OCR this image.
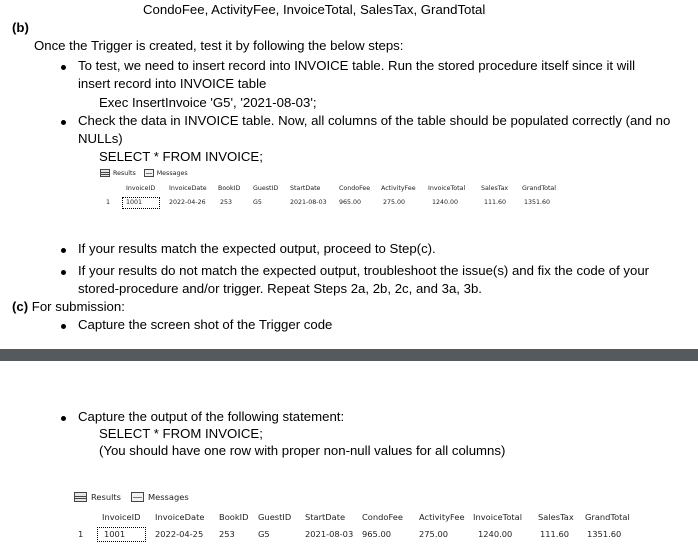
CondoFee, ActivityFee, InvoiceTotal, SalesTax, GrandTotal
(b)
Once the Trigger is created, test it by following the below steps:
To test, we need to insert record into INVOICE table. Run the stored procedure itself since it will
insert record into INVOICE table
Exec InsertInvoice 'G5', '2021-08-03';
Check the data in INVOICE table. Now, all columns of the table should be populated correctly (and no
NULLs)
SELECT * FROM INVOICE;
Results	Messages
InvoiceID InvoiceDate BookID GuestID StartDate	CondoFee ActivityFee InvoiceTotal	SalesTax GrandTotal
1	1001	2022-04-26 253	G5	2021-08-03 965.00	275.00	1240.00	111.60	1351.60
If your results match the expected output, proceed to Step(c).
If your results do not match the expected output, troubleshoot the issue(s) and fix the code of your
stored-procedure and/or trigger. Repeat Steps 2a, 2b, 2c, and 3a, 3b.
(c) For submission:
Capture the screen shot of the Trigger code
Capture the output of the following statement:
SELECT * FROM INVOICE;
(You should have one row with proper non-null values for all columns)
Results	Messages
InvoiceID InvoiceDate BookID GuestID StartDate CondoFee ActivityFee InvoiceTotal SalesTax GrandTotal
1 1001	2022-04-25 253	G5	2021-08-03 965.00	275.00	1240.00	111.60 1351.60
